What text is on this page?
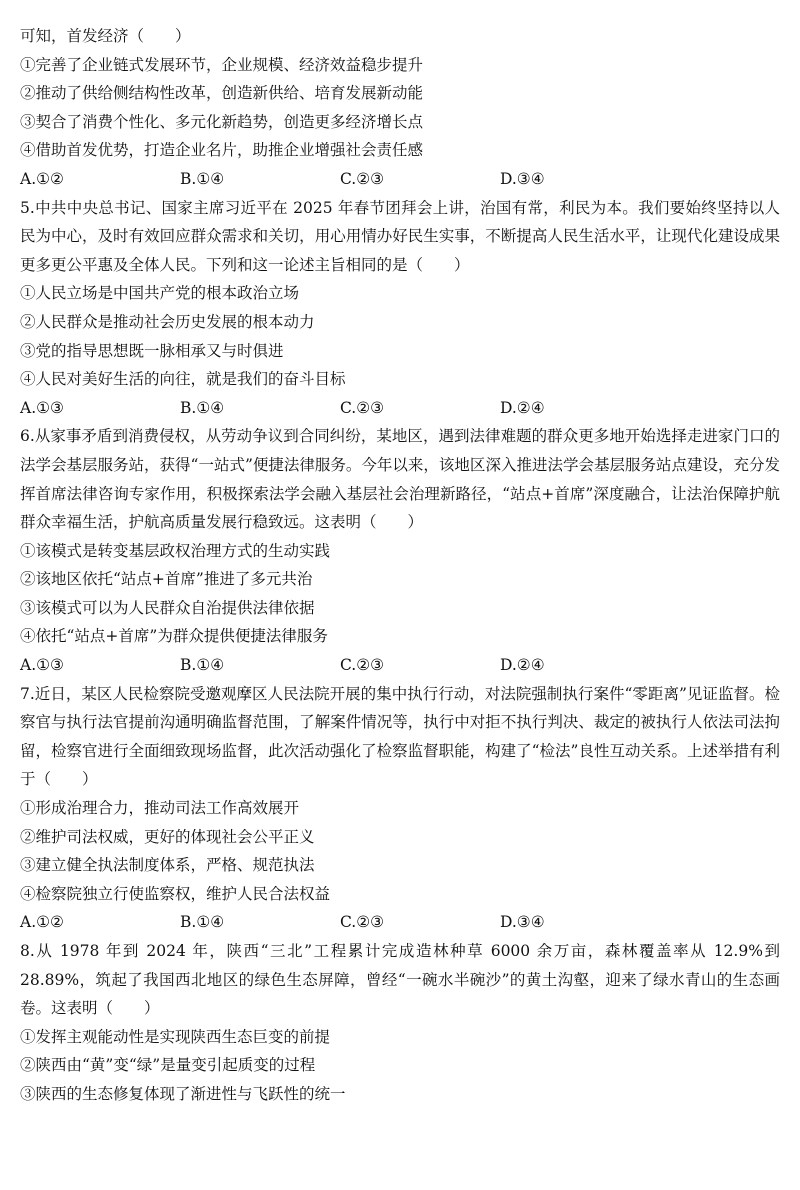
可知，首发经济（　　）
①完善了企业链式发展环节，企业规模、经济效益稳步提升
②推动了供给侧结构性改革，创造新供给、培育发展新动能
③契合了消费个性化、多元化新趋势，创造更多经济增长点
④借助首发优势，打造企业名片，助推企业增强社会责任感
A.①②	B.①④	C.②③	D.③④
5.中共中央总书记、国家主席习近平在 2025 年春节团拜会上讲，治国有常，利民为本。我们要始终坚持以人民为中心，及时有效回应群众需求和关切，用心用情办好民生实事，不断提高人民生活水平，让现代化建设成果更多更公平惠及全体人民。下列和这一论述主旨相同的是（　　）
①人民立场是中国共产党的根本政治立场
②人民群众是推动社会历史发展的根本动力
③党的指导思想既一脉相承又与时俱进
④人民对美好生活的向往，就是我们的奋斗目标
A.①③	B.①④	C.②③	D.②④
6.从家事矛盾到消费侵权，从劳动争议到合同纠纷，某地区，遇到法律难题的群众更多地开始选择走进家门口的法学会基层服务站，获得“一站式”便捷法律服务。今年以来，该地区深入推进法学会基层服务站点建设，充分发挥首席法律咨询专家作用，积极探索法学会融入基层社会治理新路径，“站点+首席”深度融合，让法治保障护航群众幸福生活，护航高质量发展行稳致远。这表明（　　）
①该模式是转变基层政权治理方式的生动实践
②该地区依托“站点+首席”推进了多元共治
③该模式可以为人民群众自治提供法律依据
④依托“站点+首席”为群众提供便捷法律服务
A.①③	B.①④	C.②③	D.②④
7.近日，某区人民检察院受邀观摩区人民法院开展的集中执行行动，对法院强制执行案件“零距离”见证监督。检察官与执行法官提前沟通明确监督范围，了解案件情况等，执行中对拒不执行判决、裁定的被执行人依法司法拘留，检察官进行全面细致现场监督，此次活动强化了检察监督职能，构建了“检法”良性互动关系。上述举措有利于（　　）
①形成治理合力，推动司法工作高效展开
②维护司法权威，更好的体现社会公平正义
③建立健全执法制度体系，严格、规范执法
④检察院独立行使监察权，维护人民合法权益
A.①②	B.①④	C.②③	D.③④
8.从 1978 年到 2024 年，陕西“三北”工程累计完成造林种草 6000 余万亩，森林覆盖率从 12.9%到 28.89%，筑起了我国西北地区的绿色生态屏障，曾经“一碗水半碗沙”的黄土沟壑，迎来了绿水青山的生态画卷。这表明（　　）
①发挥主观能动性是实现陕西生态巨变的前提
②陕西由“黄”变“绿”是量变引起质变的过程
③陕西的生态修复体现了渐进性与飞跃性的统一
